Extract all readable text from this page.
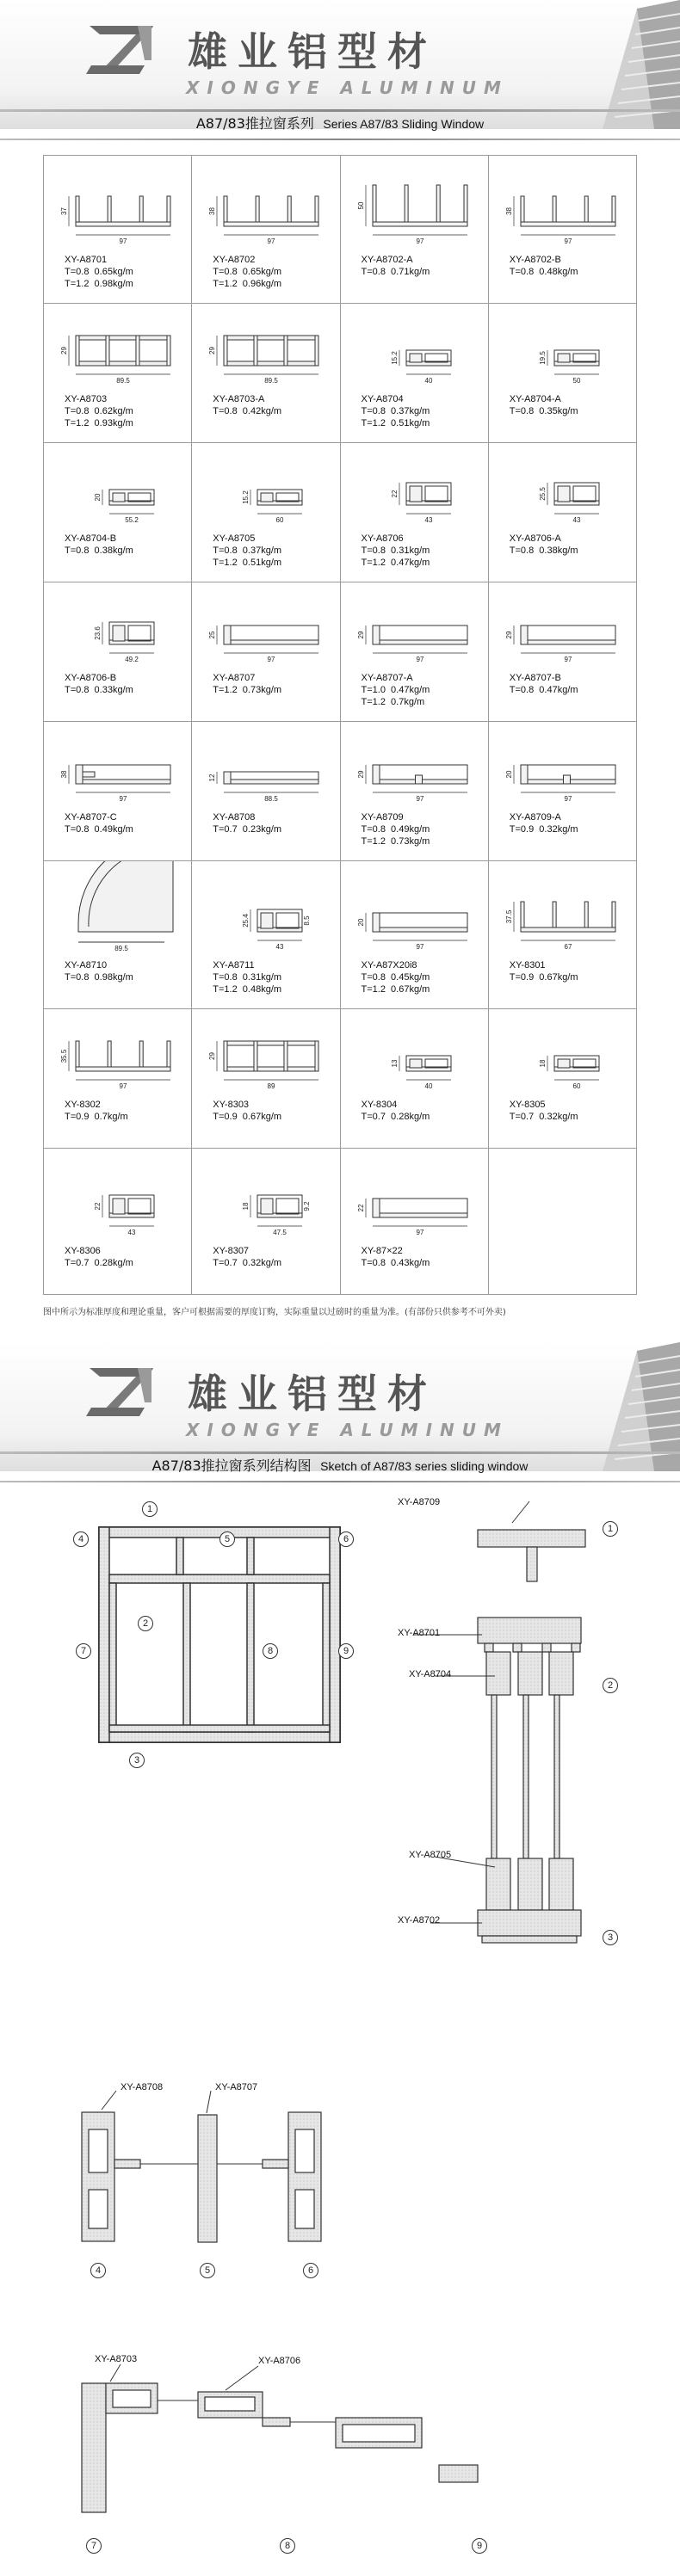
雄业铝型材
XIONGYE ALUMINUM
A87/83推拉窗系列 Series A87/83 Sliding Window
97
37
XY-A8701
T=0.8  0.65kg/m
T=1.2  0.98kg/m
97
38
XY-A8702
T=0.8  0.65kg/m
T=1.2  0.96kg/m
97
50
XY-A8702-A
T=0.8  0.71kg/m
97
38
XY-A8702-B
T=0.8  0.48kg/m
89.5
29
XY-A8703
T=0.8  0.62kg/m
T=1.2  0.93kg/m
89.5
29
XY-A8703-A
T=0.8  0.42kg/m
40
15.2
XY-A8704
T=0.8  0.37kg/m
T=1.2  0.51kg/m
50
19.5
XY-A8704-A
T=0.8  0.35kg/m
55.2
20
XY-A8704-B
T=0.8  0.38kg/m
60
15.2
XY-A8705
T=0.8  0.37kg/m
T=1.2  0.51kg/m
43
22
XY-A8706
T=0.8  0.31kg/m
T=1.2  0.47kg/m
43
25.5
XY-A8706-A
T=0.8  0.38kg/m
49.2
23.6
XY-A8706-B
T=0.8  0.33kg/m
97
25
XY-A8707
T=1.2  0.73kg/m
97
29
XY-A8707-A
T=1.0  0.47kg/m
T=1.2  0.7kg/m
97
29
XY-A8707-B
T=0.8  0.47kg/m
97
38
XY-A8707-C
T=0.8  0.49kg/m
88.5
12
XY-A8708
T=0.7  0.23kg/m
97
29
XY-A8709
T=0.8  0.49kg/m
T=1.2  0.73kg/m
97
20
XY-A8709-A
T=0.9  0.32kg/m
89.5
XY-A8710
T=0.8  0.98kg/m
43
25.4	8.5
XY-A8711
T=0.8  0.31kg/m
T=1.2  0.48kg/m
97
20
XY-A87X20i8
T=0.8  0.45kg/m
T=1.2  0.67kg/m
67
37.5
XY-8301
T=0.9  0.67kg/m
97
35.5
XY-8302
T=0.9  0.7kg/m
89
29
XY-8303
T=0.9  0.67kg/m
40
13
XY-8304
T=0.7  0.28kg/m
60
18
XY-8305
T=0.7  0.32kg/m
43
22
XY-8306
T=0.7  0.28kg/m
47.5
18	9.2
XY-8307
T=0.7  0.32kg/m
97
22
XY-87×22
T=0.8  0.43kg/m
图中所示为标准厚度和理论重量，客户可根据需要的厚度订购，实际重量以过磅时的重量为准。(有部份只供参考不可外卖)
雄业铝型材
XIONGYE ALUMINUM
A87/83推拉窗系列结构图 Sketch of A87/83 series sliding window
XY-A8709
XY-A8701
XY-A8704
XY-A8705
XY-A8702
XY-A8708	XY-A8707
XY-A8703	XY-A8706
1
4	5	6
2
7	8	9
3
1
2
3
4	5	6
7	8	9
